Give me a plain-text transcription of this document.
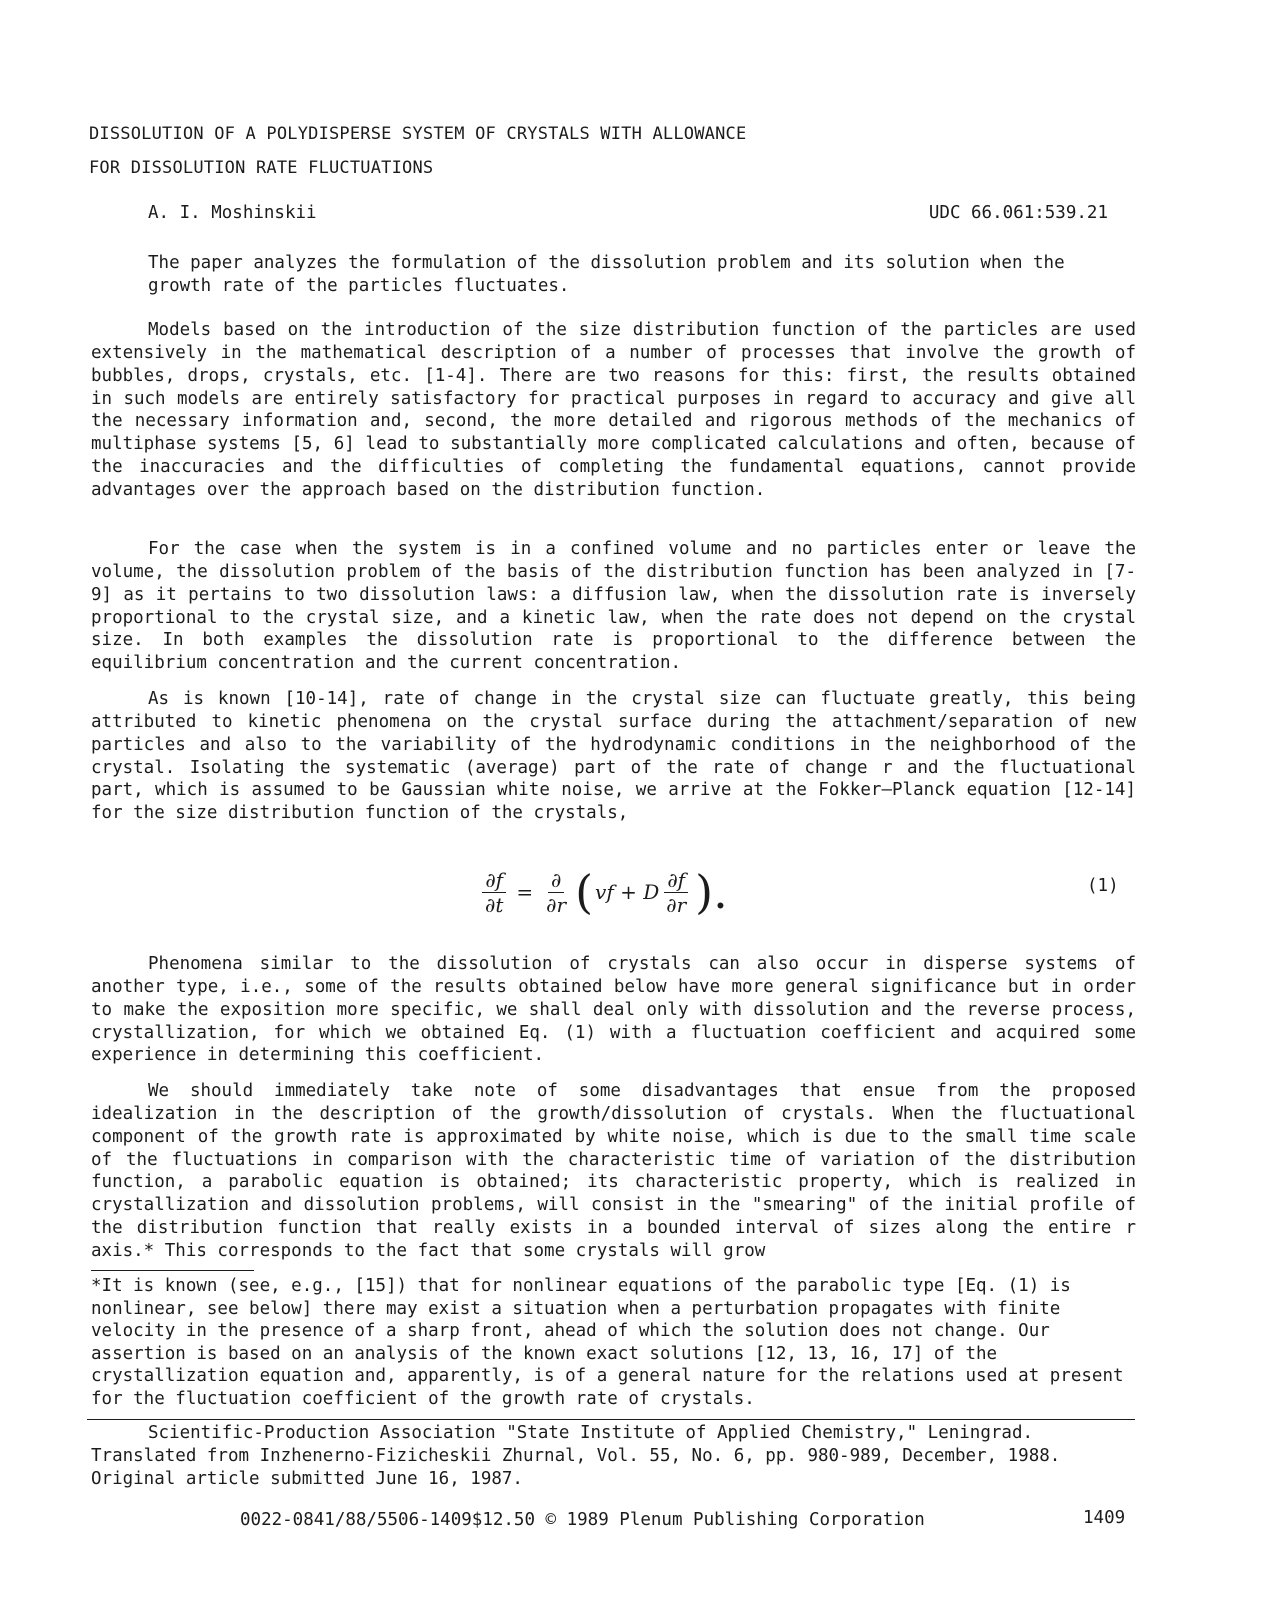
DISSOLUTION OF A POLYDISPERSE SYSTEM OF CRYSTALS WITH ALLOWANCE
FOR DISSOLUTION RATE FLUCTUATIONS
A. I. Moshinskii	UDC 66.061:539.21
The paper analyzes the formulation of the dissolution problem and its solution when the growth rate of the particles fluctuates.
Models based on the introduction of the size distribution function of the particles are used extensively in the mathematical description of a number of processes that involve the growth of bubbles, drops, crystals, etc. [1-4]. There are two reasons for this: first, the results obtained in such models are entirely satisfactory for practical purposes in regard to accuracy and give all the necessary information and, second, the more detailed and rigorous methods of the mechanics of multiphase systems [5, 6] lead to substantially more complicated calculations and often, because of the inaccuracies and the difficulties of completing the fundamental equations, cannot provide advantages over the approach based on the distribution function.
For the case when the system is in a confined volume and no particles enter or leave the volume, the dissolution problem of the basis of the distribution function has been analyzed in [7-9] as it pertains to two dissolution laws: a diffusion law, when the dissolution rate is inversely proportional to the crystal size, and a kinetic law, when the rate does not depend on the crystal size. In both examples the dissolution rate is proportional to the difference between the equilibrium concentration and the current concentration.
As is known [10-14], rate of change in the crystal size can fluctuate greatly, this being attributed to kinetic phenomena on the crystal surface during the attachment/separation of new particles and also to the variability of the hydrodynamic conditions in the neighborhood of the crystal. Isolating the systematic (average) part of the rate of change r and the fluctuational part, which is assumed to be Gaussian white noise, we arrive at the Fokker–Planck equation [12-14] for the size distribution function of the crystals,
$\frac{\partial f}{\partial t} = \frac{\partial}{\partial r}$ ( vf + D $\frac{\partial f}{\partial r}$ ).	(1)
Phenomena similar to the dissolution of crystals can also occur in disperse systems of another type, i.e., some of the results obtained below have more general significance but in order to make the exposition more specific, we shall deal only with dissolution and the reverse process, crystallization, for which we obtained Eq. (1) with a fluctuation coefficient and acquired some experience in determining this coefficient.
We should immediately take note of some disadvantages that ensue from the proposed idealization in the description of the growth/dissolution of crystals. When the fluctuational component of the growth rate is approximated by white noise, which is due to the small time scale of the fluctuations in comparison with the characteristic time of variation of the distribution function, a parabolic equation is obtained; its characteristic property, which is realized in crystallization and dissolution problems, will consist in the "smearing" of the initial profile of the distribution function that really exists in a bounded interval of sizes along the entire r axis.* This corresponds to the fact that some crystals will grow
*It is known (see, e.g., [15]) that for nonlinear equations of the parabolic type [Eq. (1) is nonlinear, see below] there may exist a situation when a perturbation propagates with finite velocity in the presence of a sharp front, ahead of which the solution does not change. Our assertion is based on an analysis of the known exact solutions [12, 13, 16, 17] of the crystallization equation and, apparently, is of a general nature for the relations used at present for the fluctuation coefficient of the growth rate of crystals.
Scientific-Production Association "State Institute of Applied Chemistry," Leningrad. Translated from Inzhenerno-Fizicheskii Zhurnal, Vol. 55, No. 6, pp. 980-989, December, 1988. Original article submitted June 16, 1987.
0022-0841/88/5506-1409$12.50 © 1989 Plenum Publishing Corporation	1409
